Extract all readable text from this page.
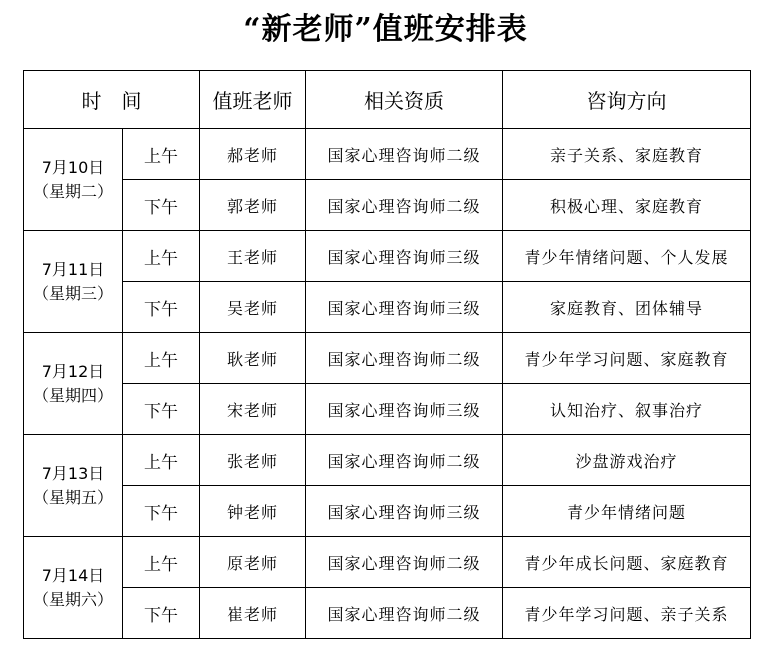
“新老师”值班安排表
时　间		值班老师	相关资质	咨询方向

7月10日
（星期二）	上午	郝老师	国家心理咨询师二级	亲子关系、家庭教育
	下午	郭老师	国家心理咨询师二级	积极心理、家庭教育

7月11日
（星期三）	上午	王老师	国家心理咨询师三级	青少年情绪问题、个人发展
	下午	吴老师	国家心理咨询师三级	家庭教育、团体辅导

7月12日
（星期四）	上午	耿老师	国家心理咨询师二级	青少年学习问题、家庭教育
	下午	宋老师	国家心理咨询师三级	认知治疗、叙事治疗

7月13日
（星期五）	上午	张老师	国家心理咨询师二级	沙盘游戏治疗
	下午	钟老师	国家心理咨询师三级	青少年情绪问题

7月14日
（星期六）	上午	原老师	国家心理咨询师二级	青少年成长问题、家庭教育
	下午	崔老师	国家心理咨询师二级	青少年学习问题、亲子关系
